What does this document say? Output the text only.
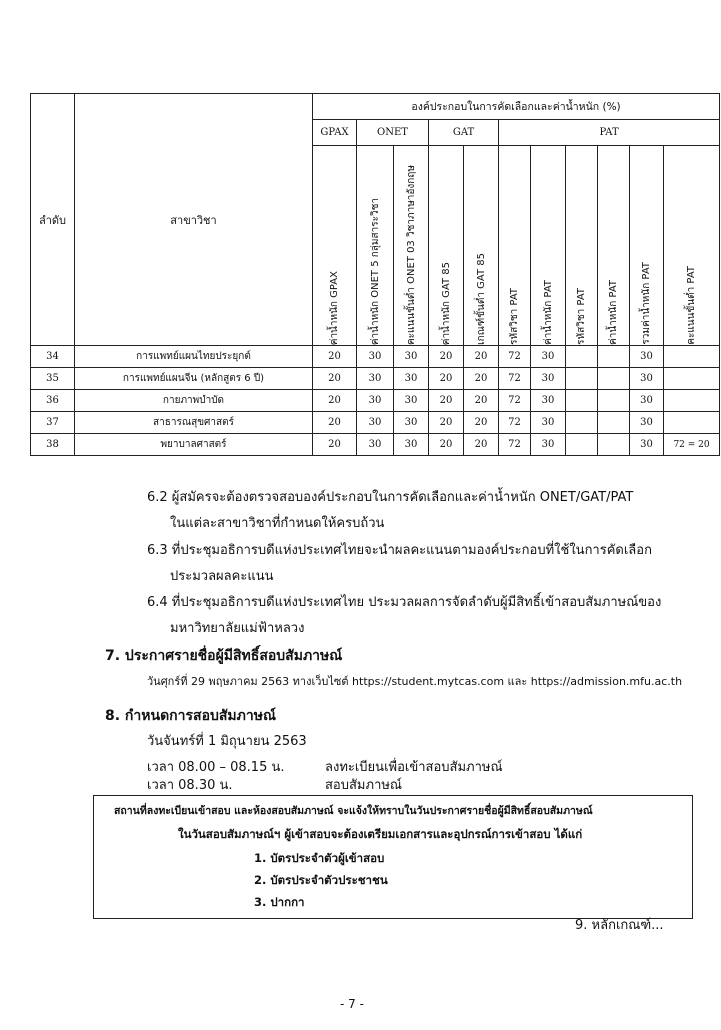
ลำดับ	สาขาวิชา	องค์ประกอบในการคัดเลือกและค่าน้ำหนัก (%)										
		GPAX	ONET		GAT		PAT					

		ค่าน้ำหนัก GPAX	ค่าน้ำหนัก ONET 5 กลุ่มสาระวิชา	คะแนนขั้นต่ำ ONET 03 วิชาภาษาอังกฤษ	ค่าน้ำหนัก GAT 85	เกณฑ์ขั้นต่ำ GAT 85	รหัสวิชา PAT	ค่าน้ำหนัก PAT	รหัสวิชา PAT	ค่าน้ำหนัก PAT	รวมค่าน้ำหนัก PAT	คะแนนขั้นต่ำ PAT

34	การแพทย์แผนไทยประยุกต์	20	30	30	20	20	72	30			30	
35	การแพทย์แผนจีน (หลักสูตร 6 ปี)	20	30	30	20	20	72	30			30	
36	กายภาพบำบัด	20	30	30	20	20	72	30			30	
37	สาธารณสุขศาสตร์	20	30	30	20	20	72	30			30	
38	พยาบาลศาสตร์	20	30	30	20	20	72	30			30	72 = 20
6.2 ผู้สมัครจะต้องตรวจสอบองค์ประกอบในการคัดเลือกและค่าน้ำหนัก ONET/GAT/PAT
ในแต่ละสาขาวิชาที่กำหนดให้ครบถ้วน
6.3 ที่ประชุมอธิการบดีแห่งประเทศไทยจะนำผลคะแนนตามองค์ประกอบที่ใช้ในการคัดเลือก
ประมวลผลคะแนน
6.4 ที่ประชุมอธิการบดีแห่งประเทศไทย ประมวลผลการจัดลำดับผู้มีสิทธิ์เข้าสอบสัมภาษณ์ของ
มหาวิทยาลัยแม่ฟ้าหลวง
7. ประกาศรายชื่อผู้มีสิทธิ์สอบสัมภาษณ์
วันศุกร์ที่ 29 พฤษภาคม 2563 ทางเว็บไซต์ https://student.mytcas.com และ https://admission.mfu.ac.th
8. กำหนดการสอบสัมภาษณ์
วันจันทร์ที่ 1 มิถุนายน 2563
เวลา 08.00 – 08.15 น.	ลงทะเบียนเพื่อเข้าสอบสัมภาษณ์
เวลา 08.30 น.	สอบสัมภาษณ์
สถานที่ลงทะเบียนเข้าสอบ และห้องสอบสัมภาษณ์ จะแจ้งให้ทราบในวันประกาศรายชื่อผู้มีสิทธิ์สอบสัมภาษณ์
ในวันสอบสัมภาษณ์ฯ ผู้เข้าสอบจะต้องเตรียมเอกสารและอุปกรณ์การเข้าสอบ ได้แก่
1. บัตรประจำตัวผู้เข้าสอบ
2. บัตรประจำตัวประชาชน
3. ปากกา
9. หลักเกณฑ์...
- 7 -
